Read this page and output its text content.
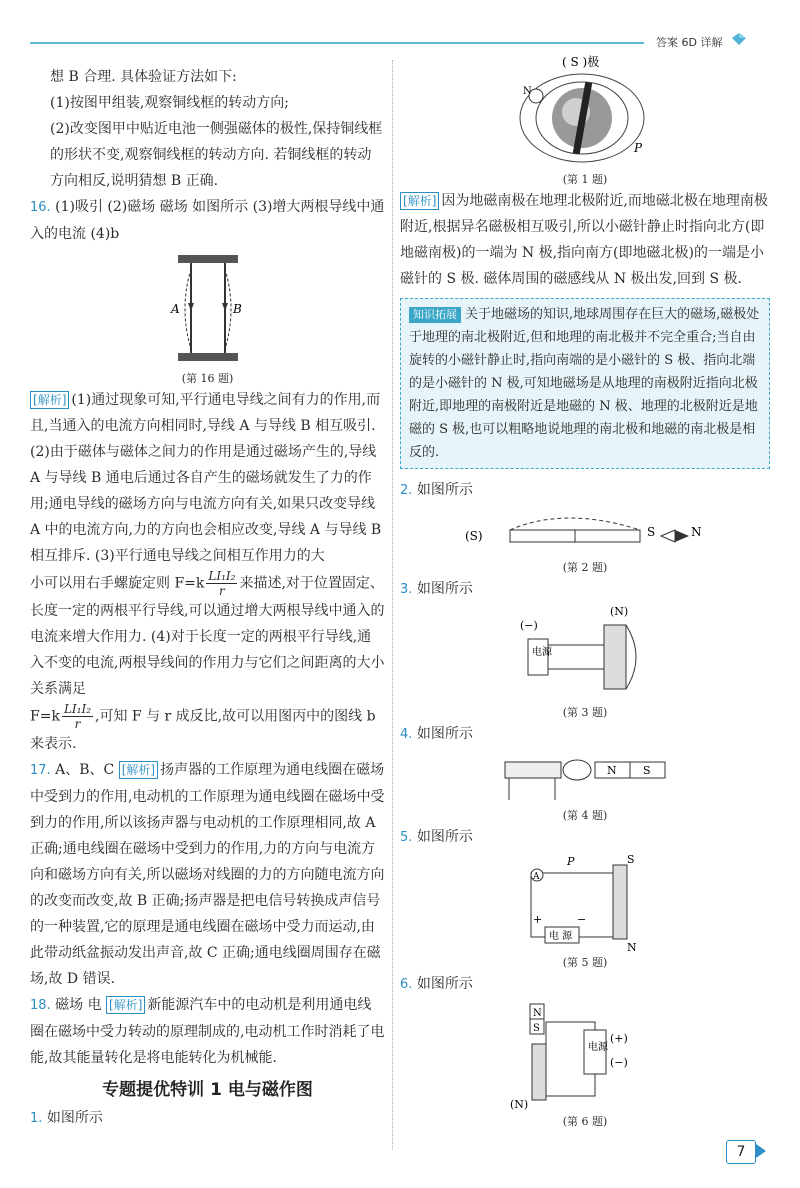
答案 6D 详解

想 B 合理. 具体验证方法如下:

(1)按图甲组装,观察铜线框的转动方向;

(2)改变图甲中贴近电池一侧强磁体的极性,保持铜线框的形状不变,观察铜线框的转动方向. 若铜线框的转动方向相反,说明猜想 B 正确.

16. (1)吸引 (2)磁场 磁场 如图所示 (3)增大两根导线中通入的电流 (4)b

A	B
(第 16 题)

[ 解析 ] (1)通过现象可知,平行通电导线之间有力的作用,而且,当通入的电流方向相同时,导线 A 与导线 B 相互吸引. (2)由于磁体与磁体之间力的作用是通过磁场产生的,导线 A 与导线 B 通电后通过各自产生的磁场就发生了力的作用;通电导线的磁场方向与电流方向有关,如果只改变导线 A 中的电流方向,力的方向也会相应改变,导线 A 与导线 B 相互排斥. (3)平行通电导线之间相互作用力的大

小可以用右手螺旋定则 $F=k \frac{\text{LI₁I₂}}{r}$ 来描述,对于位置固定、长度一定的两根平行导线,可以通过增大两根导线中通入的电流来增大作用力. (4)对于长度一定的两根平行导线,通入不变的电流,两根导线间的作用力与它们之间距离的大小关系满足

$F=k \frac{\text{LI₁I₂}}{r}$ ,可知 F 与 r 成反比,故可以用图丙中的图线 b 来表示.

17. A、B、C [ 解析 ] 扬声器的工作原理为通电线圈在磁场中受到力的作用,电动机的工作原理为通电线圈在磁场中受到力的作用,所以该扬声器与电动机的工作原理相同,故 A 正确;通电线圈在磁场中受到力的作用,力的方向与电流方向和磁场方向有关,所以磁场对线圈的力的方向随电流方向的改变而改变,故 B 正确;扬声器是把电信号转换成声信号的一种装置,它的原理是通电线圈在磁场中受力而运动,由此带动纸盆振动发出声音,故 C 正确;通电线圈周围存在磁场,故 D 错误.

18. 磁场 电 [ 解析 ] 新能源汽车中的电动机是利用通电线圈在磁场中受力转动的原理制成的,电动机工作时消耗了电能,故其能量转化是将电能转化为机械能.

专题提优特训 1 电与磁作图

1. 如图所示

( S )极
N
P
(第 1 题)

[ 解析 ] 因为地磁南极在地理北极附近,而地磁北极在地理南极附近,根据异名磁极相互吸引,所以小磁针静止时指向北方(即地磁南极)的一端为 N 极,指向南方(即地磁北极)的一端是小磁针的 S 极. 磁体周围的磁感线从 N 极出发,回到 S 极.

知识拓展 关于地磁场的知识,地球周围存在巨大的磁场,磁极处于地理的南北极附近,但和地理的南北极并不完全重合;当自由旋转的小磁针静止时,指向南端的是小磁针的 S 极、指向北端的是小磁针的 N 极,可知地磁场是从地理的南极附近指向北极附近,即地理的南极附近是地磁的 N 极、地理的北极附近是地磁的 S 极,也可以粗略地说地理的南北极和地磁的南北极是相反的.

2. 如图所示

(S)	S	N
(第 2 题)

3. 如图所示

(N)
(−)
电源
(第 3 题)

4. 如图所示

N S
(第 4 题)

5. 如图所示

A
P	S
N
电 源
+	−
(第 5 题)

6. 如图所示

N
S
电源
(+)
(−)
(N)
(第 6 题)
7
